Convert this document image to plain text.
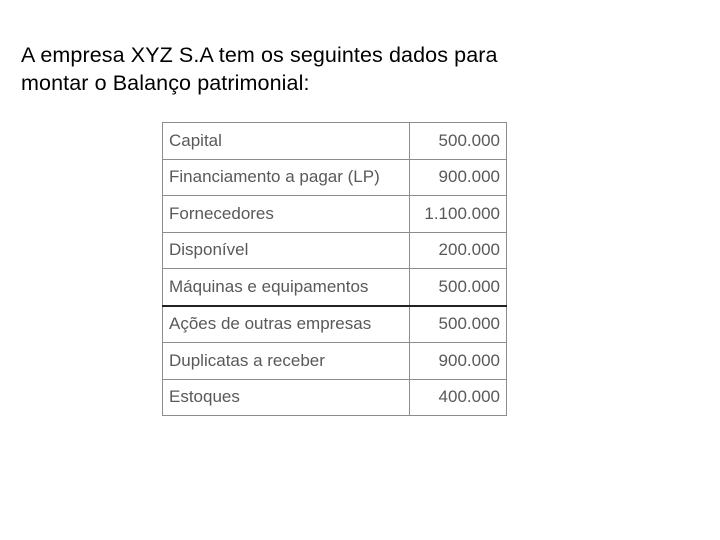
A empresa XYZ S.A tem os seguintes dados para
montar o Balanço patrimonial:
Capital	500.000
Financiamento a pagar (LP)	900.000
Fornecedores	1.100.000
Disponível	200.000
Máquinas e equipamentos	500.000
Ações de outras empresas	500.000
Duplicatas a receber	900.000
Estoques	400.000
